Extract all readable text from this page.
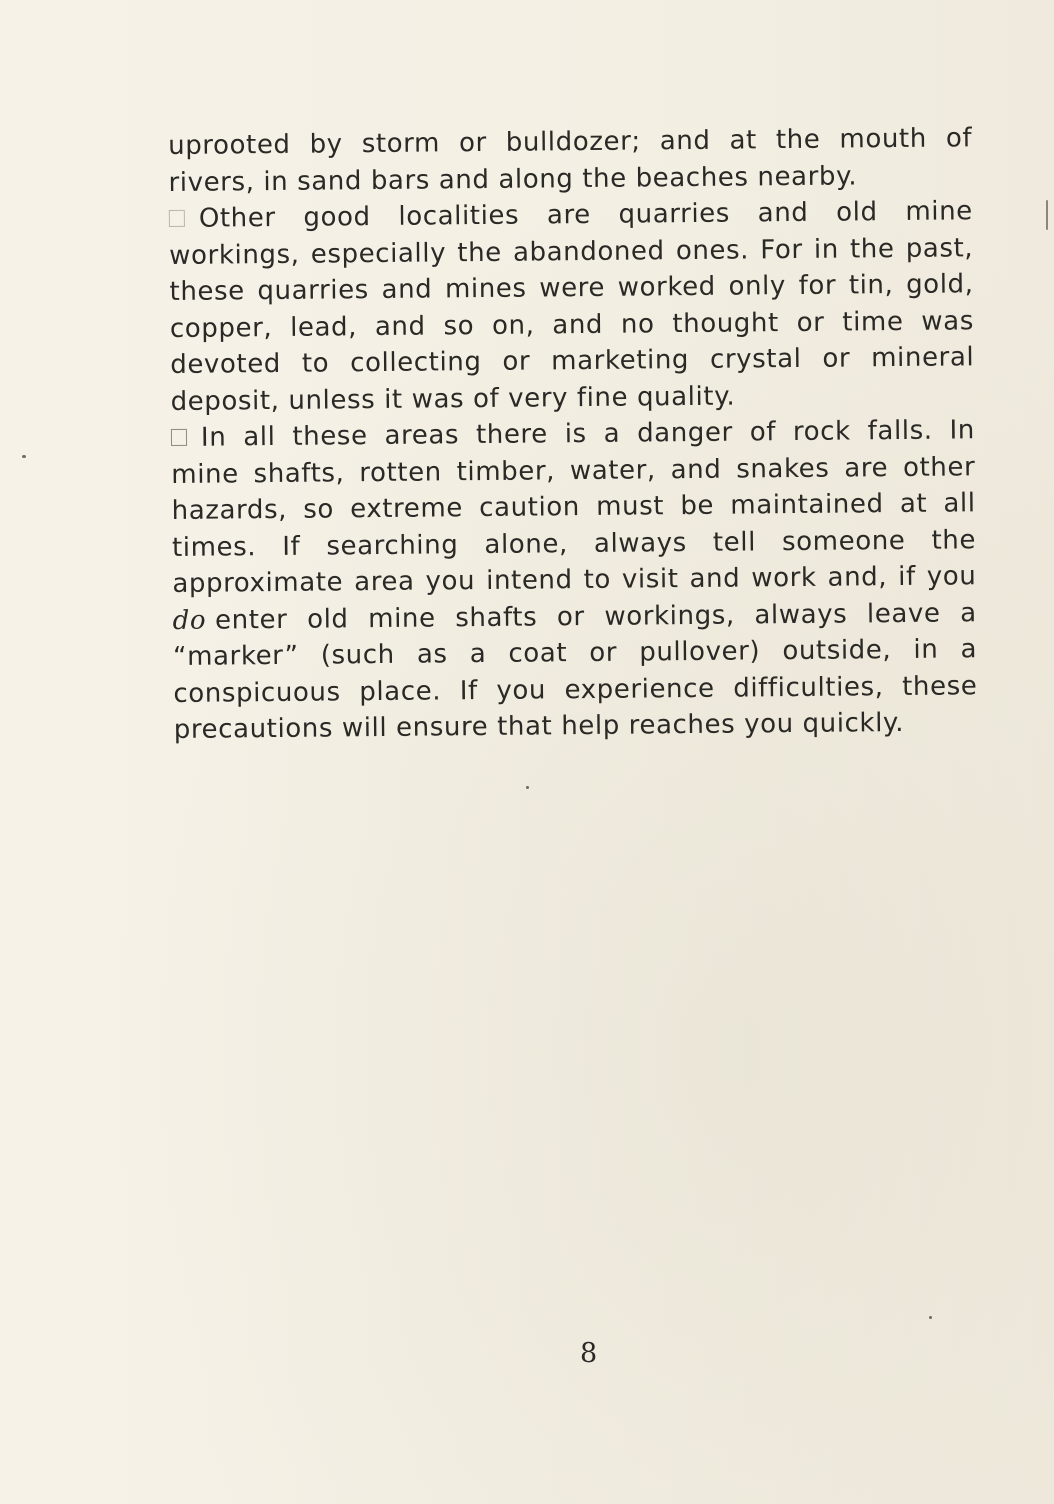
uprooted by storm or bulldozer; and at the mouth of
rivers, in sand bars and along the beaches nearby.
Other good localities are quarries and old mine
workings, especially the abandoned ones. For in the past,
these quarries and mines were worked only for tin, gold,
copper, lead, and so on, and no thought or time was
devoted to collecting or marketing crystal or mineral
deposit, unless it was of very fine quality.
In all these areas there is a danger of rock falls. In
mine shafts, rotten timber, water, and snakes are other
hazards, so extreme caution must be maintained at all
times. If searching alone, always tell someone the
approximate area you intend to visit and work and, if you
do
enter old mine shafts or workings, always leave a
“marker” (such as a coat or pullover) outside, in a
conspicuous place. If you experience difficulties, these
precautions will ensure that help reaches you quickly.
8
